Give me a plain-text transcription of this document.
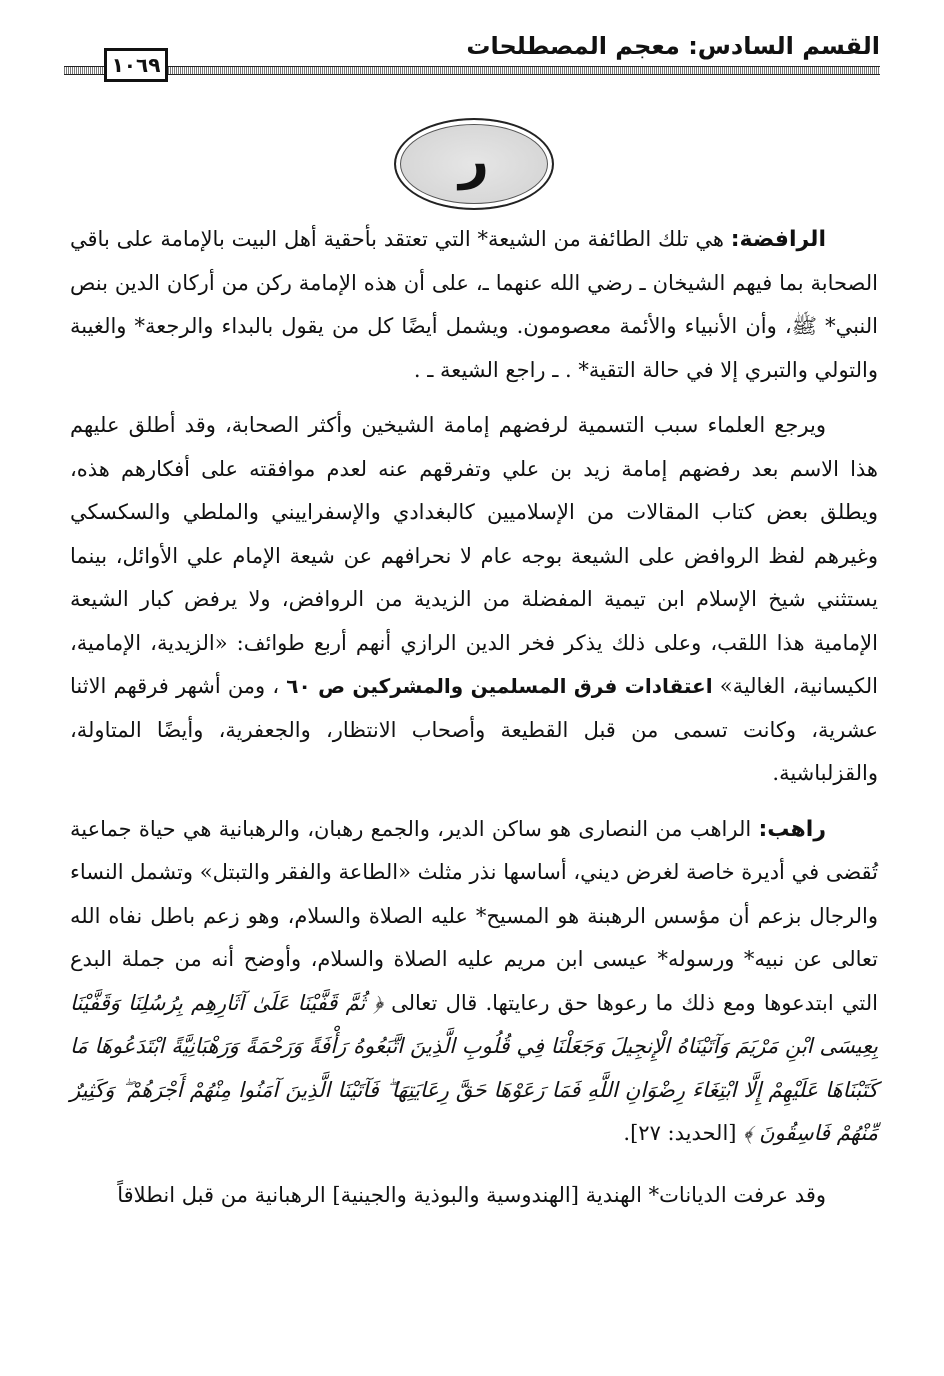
القسم السادس: معجم المصطلحات
١٠٦٩
ر

الرافضة: هي تلك الطائفة من الشيعة* التي تعتقد بأحقية أهل البيت بالإمامة على باقي الصحابة بما فيهم الشيخان ـ رضي الله عنهما ـ، على أن هذه الإمامة ركن من أركان الدين بنص النبي* ﷺ، وأن الأنبياء والأئمة معصومون. ويشمل أيضًا كل من يقول بالبداء والرجعة* والغيبة والتولي والتبري إلا في حالة التقية* . ـ راجع الشيعة ـ .

ويرجع العلماء سبب التسمية لرفضهم إمامة الشيخين وأكثر الصحابة، وقد أطلق عليهم هذا الاسم بعد رفضهم إمامة زيد بن علي وتفرقهم عنه لعدم موافقته على أفكارهم هذه، ويطلق بعض كتاب المقالات من الإسلاميين كالبغدادي والإسفراييني والملطي والسكسكي وغيرهم لفظ الروافض على الشيعة بوجه عام لا نحرافهم عن شيعة الإمام علي الأوائل، بينما يستثني شيخ الإسلام ابن تيمية المفضلة من الزيدية من الروافض، ولا يرفض كبار الشيعة الإمامية هذا اللقب، وعلى ذلك يذكر فخر الدين الرازي أنهم أربع طوائف: «الزيدية، الإمامية، الكيسانية، الغالية» اعتقادات فرق المسلمين والمشركين ص ٦٠ ، ومن أشهر فرقهم الاثنا عشرية، وكانت تسمى من قبل القطيعة وأصحاب الانتظار، والجعفرية، وأيضًا المتاولة، والقزلباشية.

راهب: الراهب من النصارى هو ساكن الدير، والجمع رهبان، والرهبانية هي حياة جماعية تُقضى في أديرة خاصة لغرض ديني، أساسها نذر مثلث «الطاعة والفقر والتبتل» وتشمل النساء والرجال بزعم أن مؤسس الرهبنة هو المسيح* عليه الصلاة والسلام، وهو زعم باطل نفاه الله تعالى عن نبيه* ورسوله* عيسى ابن مريم عليه الصلاة والسلام، وأوضح أنه من جملة البدع التي ابتدعوها ومع ذلك ما رعوها حق رعايتها. قال تعالى ﴿ ثُمَّ قَفَّيْنَا عَلَىٰ آثَارِهِم بِرُسُلِنَا وَقَفَّيْنَا بِعِيسَى ابْنِ مَرْيَمَ وَآتَيْنَاهُ الْإِنجِيلَ وَجَعَلْنَا فِي قُلُوبِ الَّذِينَ اتَّبَعُوهُ رَأْفَةً وَرَحْمَةً وَرَهْبَانِيَّةً ابْتَدَعُوهَا مَا كَتَبْنَاهَا عَلَيْهِمْ إِلَّا ابْتِغَاءَ رِضْوَانِ اللَّهِ فَمَا رَعَوْهَا حَقَّ رِعَايَتِهَا ۖ فَآتَيْنَا الَّذِينَ آمَنُوا مِنْهُمْ أَجْرَهُمْ ۖ وَكَثِيرٌ مِّنْهُمْ فَاسِقُونَ ﴾ [الحديد: ٢٧].

وقد عرفت الديانات* الهندية [الهندوسية والبوذية والجينية] الرهبانية من قبل انطلاقاً
